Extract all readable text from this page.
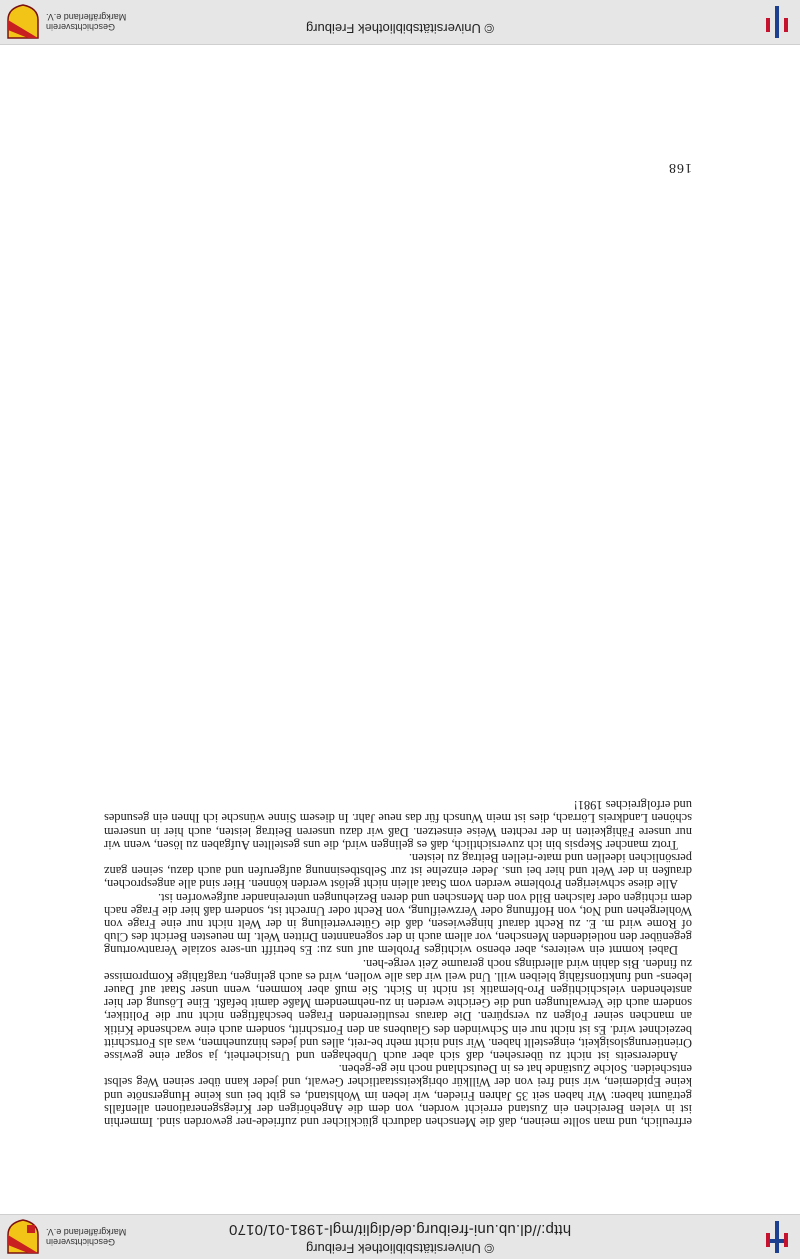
© Universitätsbibliothek Freiburg
http://dl.ub.uni-freiburg.de/diglit/mgl-1981-01/0170
Geschichtsverein
Markgräflerland e.V.

erfreulich, und man sollte meinen, daß die Menschen dadurch glücklicher und zufriede-ner geworden sind. Immerhin ist in vielen Bereichen ein Zustand erreicht worden, von dem die Angehörigen der Kriegsgenerationen allenfalls geträumt haben: Wir haben seit 35 Jahren Frieden, wir leben im Wohlstand, es gibt bei uns keine Hungersnöte und keine Epidemien, wir sind frei von der Willkür obrigkeitsstaatlicher Gewalt, und jeder kann über seinen Weg selbst entscheiden. Solche Zustände hat es in Deutschland noch nie ge-geben.

Andererseits ist nicht zu übersehen, daß sich aber auch Unbehagen und Unsicherheit, ja sogar eine gewisse Orientierungslosigkeit, eingestellt haben. Wir sind nicht mehr be-reit, alles und jedes hinzunehmen, was als Fortschritt bezeichnet wird. Es ist nicht nur ein Schwinden des Glaubens an den Fortschritt, sondern auch eine wachsende Kritik an manchen seiner Folgen zu verspüren. Die daraus resultierenden Fragen beschäftigen nicht nur die Politiker, sondern auch die Verwaltungen und die Gerichte werden in zu-nehmendem Maße damit befaßt. Eine Lösung der hier anstehenden vielschichtigen Pro-blematik ist nicht in Sicht. Sie muß aber kommen, wenn unser Staat auf Dauer lebens- und funktionsfähig bleiben will. Und weil wir das alle wollen, wird es auch gelingen, tragfähige Kompromisse zu finden. Bis dahin wird allerdings noch geraume Zeit verge-hen.

Dabei kommt ein weiteres, aber ebenso wichtiges Problem auf uns zu: Es betrifft un-sere soziale Verantwortung gegenüber den notleidenden Menschen, vor allem auch in der sogenannten Dritten Welt. Im neuesten Bericht des Club of Rome wird m. E. zu Recht darauf hingewiesen, daß die Güterverteilung in der Welt nicht nur eine Frage von Wohlergehen und Not, von Hoffnung oder Verzweiflung, von Recht oder Unrecht ist, sondern daß hier die Frage nach dem richtigen oder falschen Bild von den Menschen und deren Beziehungen untereinander aufgeworfen ist.

Alle diese schwierigen Probleme werden vom Staat allein nicht gelöst werden können. Hier sind alle angesprochen, draußen in der Welt und hier bei uns. Jeder einzelne ist zur Selbstbesinnung aufgerufen und auch dazu, seinen ganz persönlichen ideellen und mate-riellen Beitrag zu leisten.

Trotz mancher Skepsis bin ich zuversichtlich, daß es gelingen wird, die uns gestellten Aufgaben zu lösen, wenn wir nur unsere Fähigkeiten in der rechten Weise einsetzen. Daß wir dazu unseren Beitrag leisten, auch hier in unserem schönen Landkreis Lörrach, dies ist mein Wunsch für das neue Jahr. In diesem Sinne wünsche ich Ihnen ein gesundes und erfolgreiches 1981!

168
© Universitätsbibliothek Freiburg
Geschichtsverein
Markgräflerland e.V.
